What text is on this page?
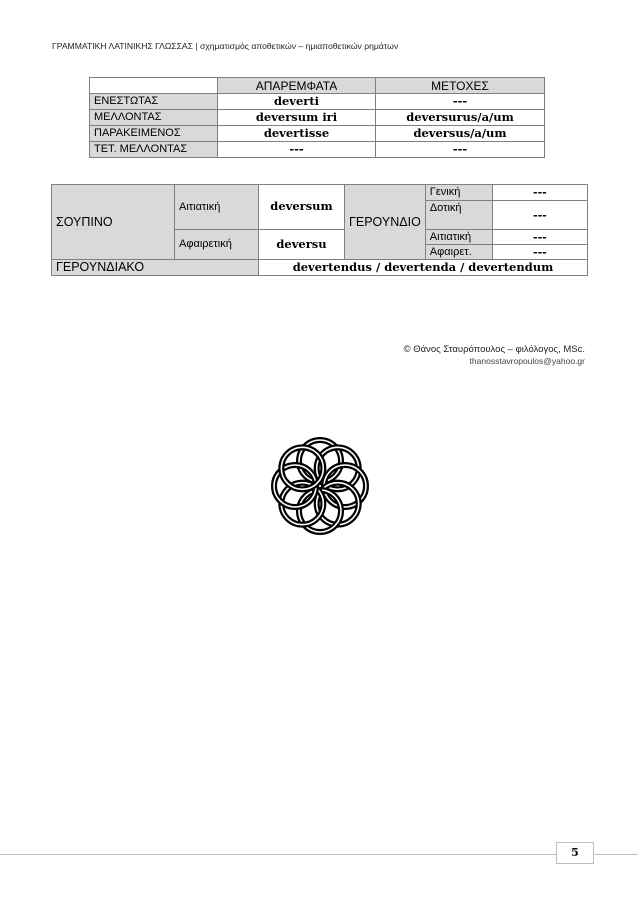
ΓΡΑΜΜΑΤΙΚΗ ΛΑΤΙΝΙΚΗΣ ΓΛΩΣΣΑΣ | σχηματισμός αποθετικών – ημιαποθετικών ρημάτων
	ΑΠΑΡΕΜΦΑΤΑ	ΜΕΤΟΧΕΣ
ΕΝΕΣΤΩΤΑΣ	deverti	---
ΜΕΛΛΟΝΤΑΣ	deversum iri	deversurus/a/um
ΠΑΡΑΚΕΙΜΕΝΟΣ	devertisse	deversus/a/um
ΤΕΤ. ΜΕΛΛΟΝΤΑΣ	---	---
ΣΟΥΠΙΝΟ	Αιτιατική	deversum	ΓΕΡΟΥΝΔΙΟ	Γενική	---
				Δοτική	---
	Αφαιρετική	deversu		Αιτιατική	---
				Αφαιρετ.	---
ΓΕΡΟΥΝΔΙΑΚΟ		devertendus / devertenda / devertendum			
© Θάνος Σταυρόπουλος – φιλόλογος, MSc.
thanosstavropoulos@yahoo.gr
5
